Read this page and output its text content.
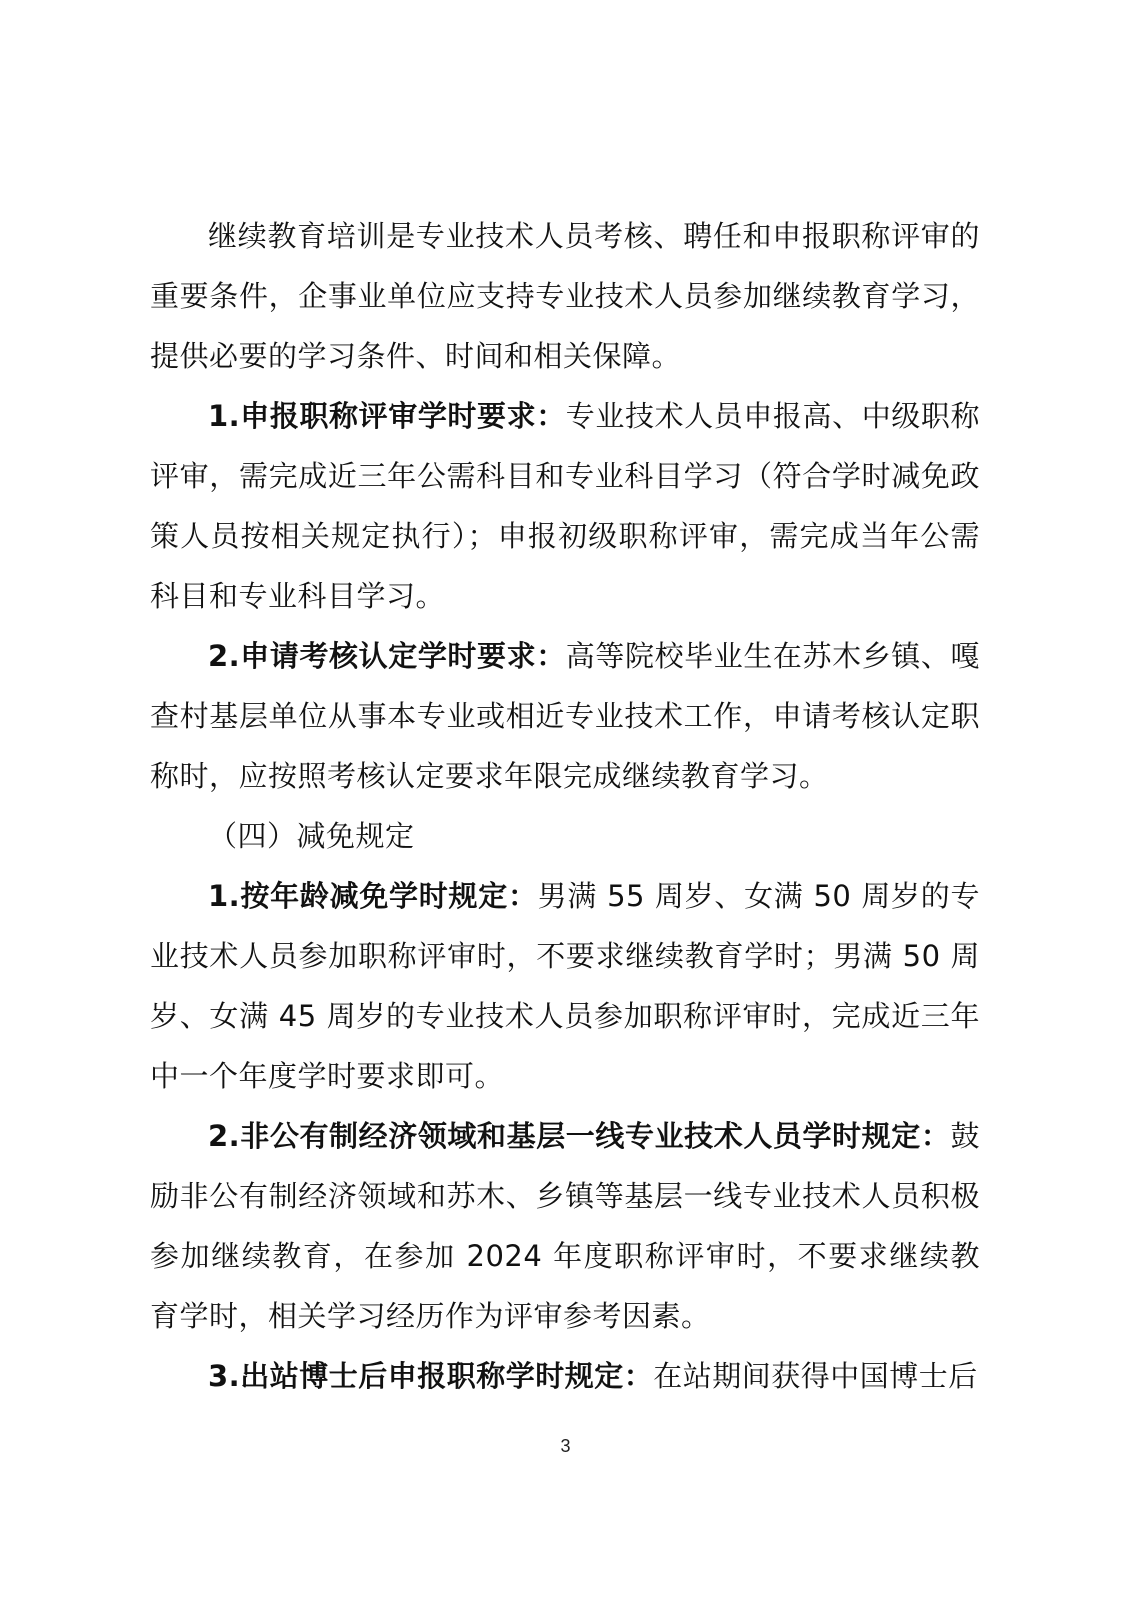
继续教育培训是专业技术人员考核、聘任和申报职称评审的重要条件，企事业单位应支持专业技术人员参加继续教育学习，提供必要的学习条件、时间和相关保障。

1.申报职称评审学时要求：专业技术人员申报高、中级职称评审，需完成近三年公需科目和专业科目学习（符合学时减免政策人员按相关规定执行）；申报初级职称评审，需完成当年公需科目和专业科目学习。

2.申请考核认定学时要求：高等院校毕业生在苏木乡镇、嘎查村基层单位从事本专业或相近专业技术工作，申请考核认定职称时，应按照考核认定要求年限完成继续教育学习。

（四）减免规定

1.按年龄减免学时规定：男满 55 周岁、女满 50 周岁的专业技术人员参加职称评审时，不要求继续教育学时；男满 50 周岁、女满 45 周岁的专业技术人员参加职称评审时，完成近三年中一个年度学时要求即可。

2.非公有制经济领域和基层一线专业技术人员学时规定：鼓励非公有制经济领域和苏木、乡镇等基层一线专业技术人员积极参加继续教育，在参加 2024 年度职称评审时，不要求继续教育学时，相关学习经历作为评审参考因素。

3.出站博士后申报职称学时规定：在站期间获得中国博士后

3
